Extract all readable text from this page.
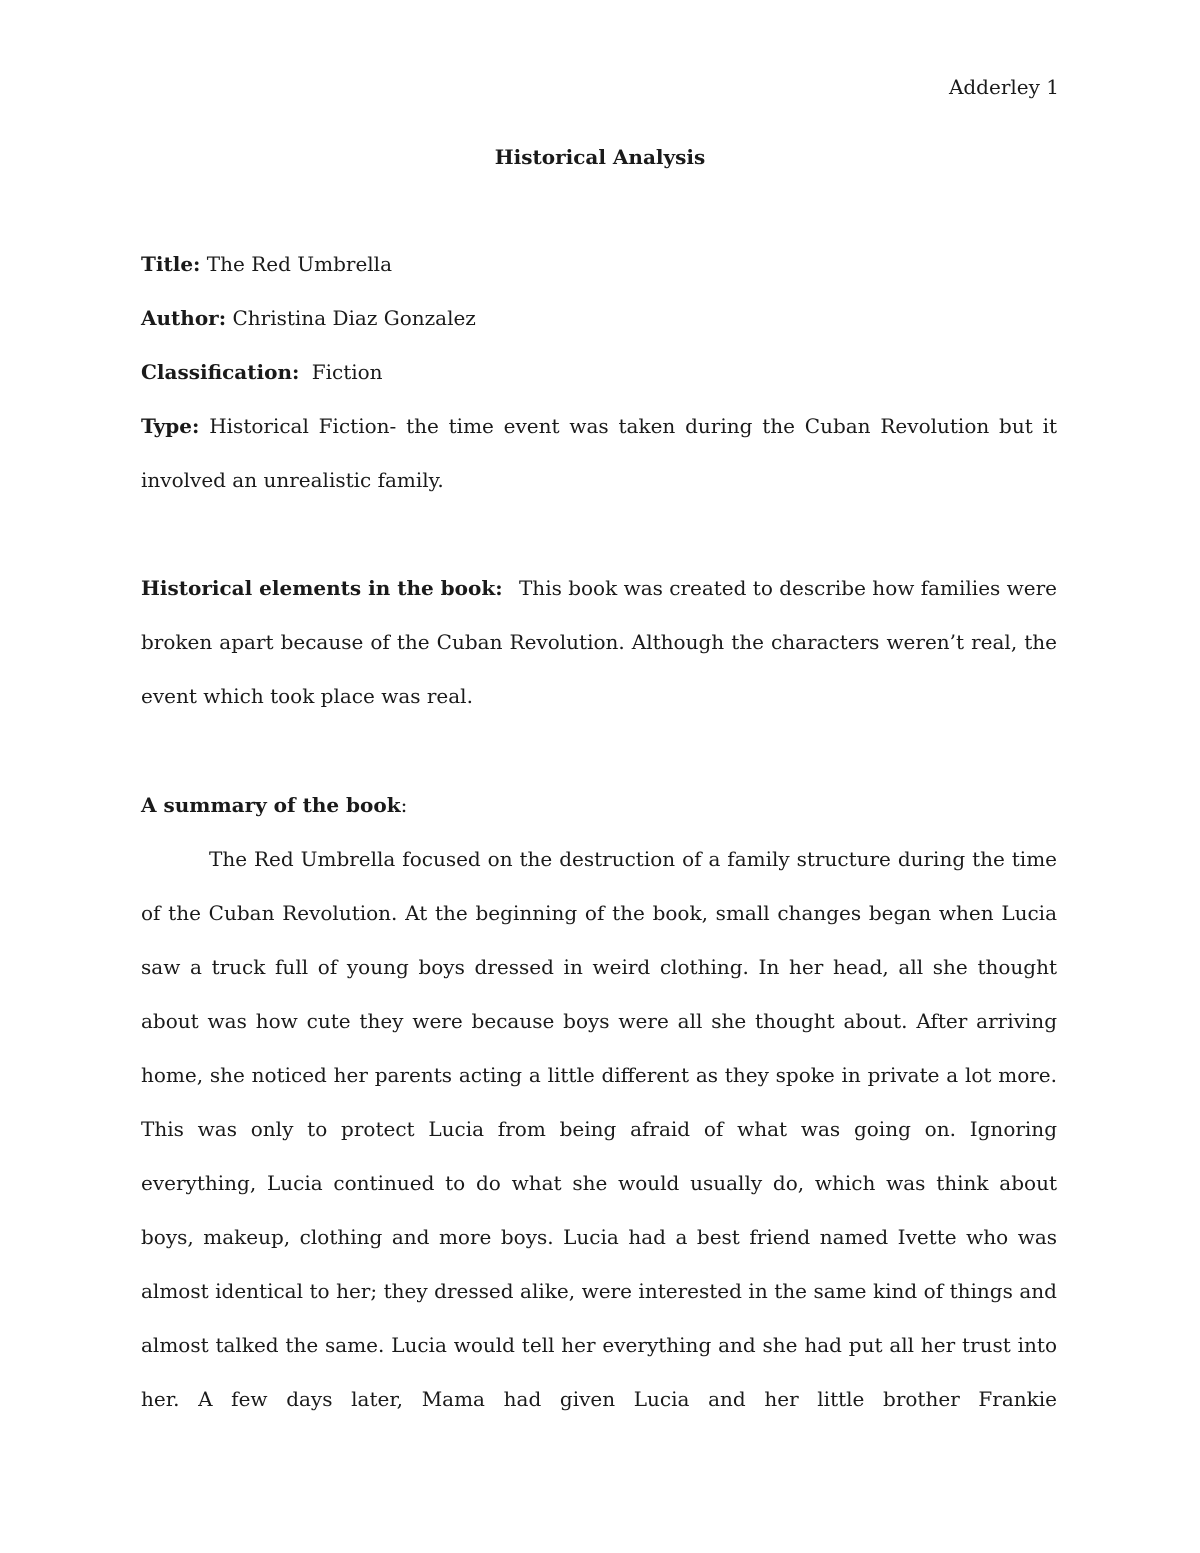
Adderley 1
Historical Analysis
Title: The Red Umbrella
Author: Christina Diaz Gonzalez
Classification: Fiction
Type: Historical Fiction- the time event was taken during the Cuban Revolution but it involved an unrealistic family.
Historical elements in the book: This book was created to describe how families were broken apart because of the Cuban Revolution. Although the characters weren’t real, the event which took place was real.
A summary of the book:
The Red Umbrella focused on the destruction of a family structure during the time of the Cuban Revolution. At the beginning of the book, small changes began when Lucia saw a truck full of young boys dressed in weird clothing. In her head, all she thought about was how cute they were because boys were all she thought about. After arriving home, she noticed her parents acting a little different as they spoke in private a lot more. This was only to protect Lucia from being afraid of what was going on. Ignoring everything, Lucia continued to do what she would usually do, which was think about boys, makeup, clothing and more boys. Lucia had a best friend named Ivette who was almost identical to her; they dressed alike, were interested in the same kind of things and almost talked the same. Lucia would tell her everything and she had put all her trust into her. A few days later, Mama had given Lucia and her little brother Frankie
